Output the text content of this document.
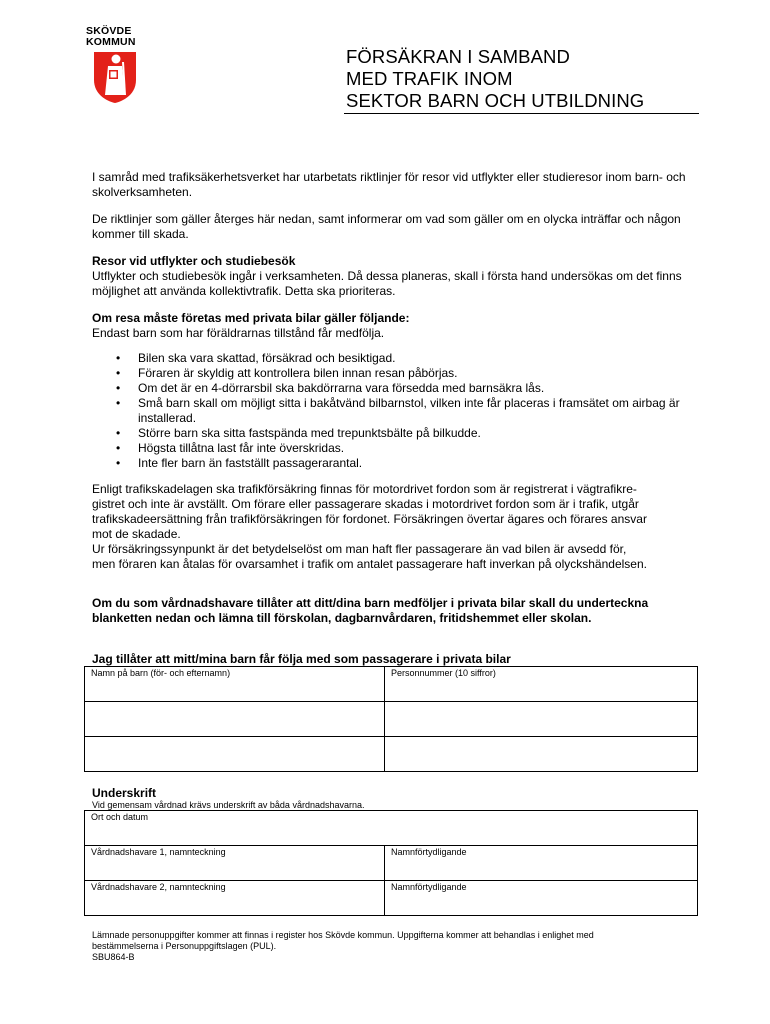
SKÖVDE
KOMMUN
FÖRSÄKRAN I SAMBAND
MED TRAFIK INOM
SEKTOR BARN OCH UTBILDNING

I samråd med trafiksäkerhetsverket har utarbetats riktlinjer för resor vid utflykter eller studieresor inom barn- och skolverksamheten.

De riktlinjer som gäller återges här nedan, samt informerar om vad som gäller om en olycka inträffar och någon kommer till skada.

Resor vid utflykter och studiebesök
Utflykter och studiebesök ingår i verksamheten. Då dessa planeras, skall i första hand undersökas om det finns möjlighet att använda kollektivtrafik. Detta ska prioriteras.

Om resa måste företas med privata bilar gäller följande:
Endast barn som har föräldrarnas tillstånd får medfölja.

• Bilen ska vara skattad, försäkrad och besiktigad.
• Föraren är skyldig att kontrollera bilen innan resan påbörjas.
• Om det är en 4-dörrarsbil ska bakdörrarna vara försedda med barnsäkra lås.
• Små barn skall om möjligt sitta i bakåtvänd bilbarnstol, vilken inte får placeras i framsätet om airbag är installerad.
• Större barn ska sitta fastspända med trepunktsbälte på bilkudde.
• Högsta tillåtna last får inte överskridas.
• Inte fler barn än fastställt passagerarantal.

Enligt trafikskadelagen ska trafikförsäkring finnas för motordrivet fordon som är registrerat i vägtrafikre-
gistret och inte är avställt. Om förare eller passagerare skadas i motordrivet fordon som är i trafik, utgår
trafikskadeersättning från trafikförsäkringen för fordonet. Försäkringen övertar ägares och förares ansvar
mot de skadade.
Ur försäkringssynpunkt är det betydelselöst om man haft fler passagerare än vad bilen är avsedd för,
men föraren kan åtalas för ovarsamhet i trafik om antalet passagerare haft inverkan på olyckshändelsen.

Om du som vårdnadshavare tillåter att ditt/dina barn medföljer i privata bilar skall du underteckna
blanketten nedan och lämna till förskolan, dagbarnvårdaren, fritidshemmet eller skolan.
Jag tillåter att mitt/mina barn får följa med som passagerare i privata bilar
Namn på barn (för- och efternamn)	Personnummer (10 siffror)

Underskrift
Vid gemensam vårdnad krävs underskrift av båda vårdnadshavarna.
Ort och datum	
Vårdnadshavare 1, namnteckning	Namnförtydligande
Vårdnadshavare 2, namnteckning	Namnförtydligande
Lämnade personuppgifter kommer att finnas i register hos Skövde kommun. Uppgifterna kommer att behandlas i enlighet med
bestämmelserna i Personuppgiftslagen (PUL).
SBU864-B
